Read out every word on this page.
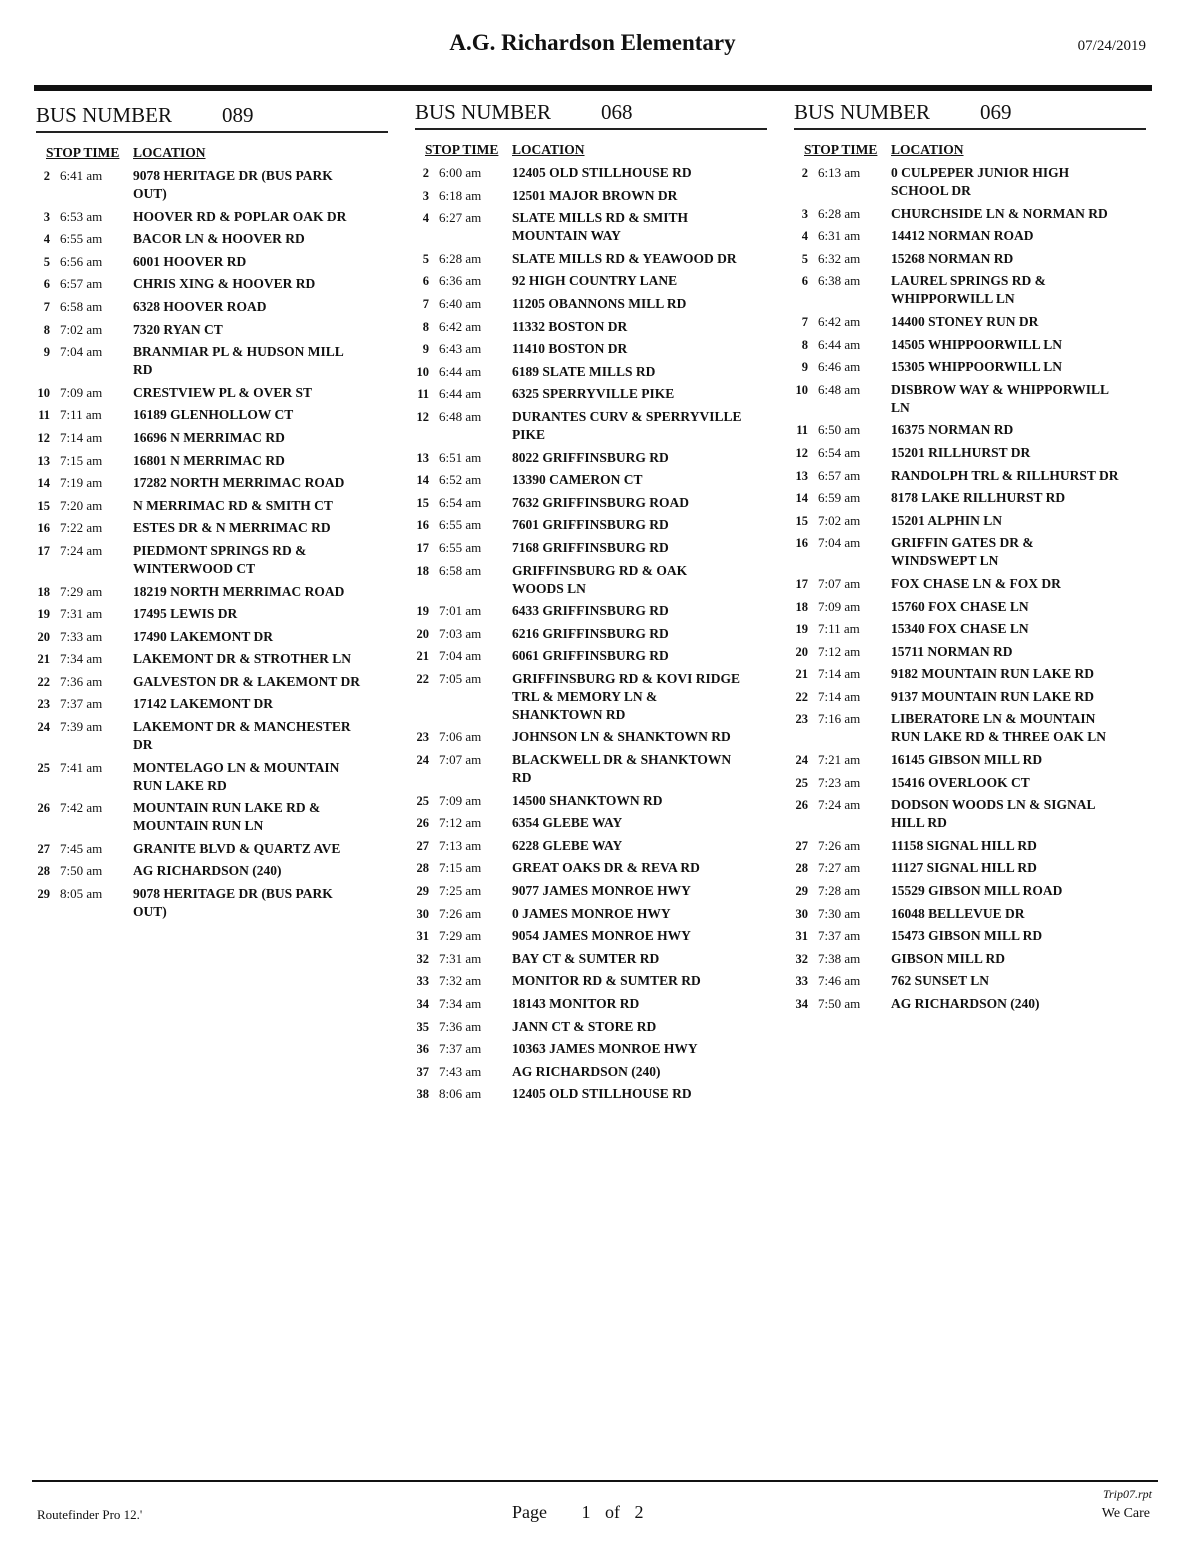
A.G. Richardson Elementary	07/24/2019
BUS NUMBER 089
STOP TIME LOCATION
2 6:41 am	9078 HERITAGE DR (BUS PARK OUT)
3 6:53 am	HOOVER RD & POPLAR OAK DR
4 6:55 am	BACOR LN & HOOVER RD
5 6:56 am	6001 HOOVER RD
6 6:57 am	CHRIS XING & HOOVER RD
7 6:58 am	6328 HOOVER ROAD
8 7:02 am	7320 RYAN CT
9 7:04 am	BRANMIAR PL & HUDSON MILL RD
10 7:09 am	CRESTVIEW PL & OVER ST
11 7:11 am	16189 GLENHOLLOW CT
12 7:14 am	16696 N MERRIMAC RD
13 7:15 am	16801 N MERRIMAC RD
14 7:19 am	17282 NORTH MERRIMAC ROAD
15 7:20 am	N MERRIMAC RD & SMITH CT
16 7:22 am	ESTES DR & N MERRIMAC RD
17 7:24 am	PIEDMONT SPRINGS RD & WINTERWOOD CT
18 7:29 am	18219 NORTH MERRIMAC ROAD
19 7:31 am	17495 LEWIS DR
20 7:33 am	17490 LAKEMONT DR
21 7:34 am	LAKEMONT DR & STROTHER LN
22 7:36 am	GALVESTON DR & LAKEMONT DR
23 7:37 am	17142 LAKEMONT DR
24 7:39 am	LAKEMONT DR & MANCHESTER DR
25 7:41 am	MONTELAGO LN & MOUNTAIN RUN LAKE RD
26 7:42 am	MOUNTAIN RUN LAKE RD & MOUNTAIN RUN LN
27 7:45 am	GRANITE BLVD & QUARTZ AVE
28 7:50 am	AG RICHARDSON (240)
29 8:05 am	9078 HERITAGE DR (BUS PARK OUT)
BUS NUMBER 068
STOP TIME LOCATION
2 6:00 am	12405 OLD STILLHOUSE RD
3 6:18 am	12501 MAJOR BROWN DR
4 6:27 am	SLATE MILLS RD & SMITH MOUNTAIN WAY
5 6:28 am	SLATE MILLS RD & YEAWOOD DR
6 6:36 am	92 HIGH COUNTRY LANE
7 6:40 am	11205 OBANNONS MILL RD
8 6:42 am	11332 BOSTON DR
9 6:43 am	11410 BOSTON DR
10 6:44 am	6189 SLATE MILLS RD
11 6:44 am	6325 SPERRYVILLE PIKE
12 6:48 am	DURANTES CURV & SPERRYVILLE PIKE
13 6:51 am	8022 GRIFFINSBURG RD
14 6:52 am	13390 CAMERON CT
15 6:54 am	7632 GRIFFINSBURG ROAD
16 6:55 am	7601 GRIFFINSBURG RD
17 6:55 am	7168 GRIFFINSBURG RD
18 6:58 am	GRIFFINSBURG RD & OAK WOODS LN
19 7:01 am	6433 GRIFFINSBURG RD
20 7:03 am	6216 GRIFFINSBURG RD
21 7:04 am	6061 GRIFFINSBURG RD
22 7:05 am	GRIFFINSBURG RD & KOVI RIDGE TRL & MEMORY LN & SHANKTOWN RD
23 7:06 am	JOHNSON LN & SHANKTOWN RD
24 7:07 am	BLACKWELL DR & SHANKTOWN RD
25 7:09 am	14500 SHANKTOWN RD
26 7:12 am	6354 GLEBE WAY
27 7:13 am	6228 GLEBE WAY
28 7:15 am	GREAT OAKS DR & REVA RD
29 7:25 am	9077 JAMES MONROE HWY
30 7:26 am	0 JAMES MONROE HWY
31 7:29 am	9054 JAMES MONROE HWY
32 7:31 am	BAY CT & SUMTER RD
33 7:32 am	MONITOR RD & SUMTER RD
34 7:34 am	18143 MONITOR RD
35 7:36 am	JANN CT & STORE RD
36 7:37 am	10363 JAMES MONROE HWY
37 7:43 am	AG RICHARDSON (240)
38 8:06 am	12405 OLD STILLHOUSE RD
BUS NUMBER 069
STOP TIME LOCATION
2 6:13 am	0 CULPEPER JUNIOR HIGH SCHOOL DR
3 6:28 am	CHURCHSIDE LN & NORMAN RD
4 6:31 am	14412 NORMAN ROAD
5 6:32 am	15268 NORMAN RD
6 6:38 am	LAUREL SPRINGS RD & WHIPPORWILL LN
7 6:42 am	14400 STONEY RUN DR
8 6:44 am	14505 WHIPPOORWILL LN
9 6:46 am	15305 WHIPPOORWILL LN
10 6:48 am	DISBROW WAY & WHIPPORWILL LN
11 6:50 am	16375 NORMAN RD
12 6:54 am	15201 RILLHURST DR
13 6:57 am	RANDOLPH TRL & RILLHURST DR
14 6:59 am	8178 LAKE RILLHURST RD
15 7:02 am	15201 ALPHIN LN
16 7:04 am	GRIFFIN GATES DR & WINDSWEPT LN
17 7:07 am	FOX CHASE LN & FOX DR
18 7:09 am	15760 FOX CHASE LN
19 7:11 am	15340 FOX CHASE LN
20 7:12 am	15711 NORMAN RD
21 7:14 am	9182 MOUNTAIN RUN LAKE RD
22 7:14 am	9137 MOUNTAIN RUN LAKE RD
23 7:16 am	LIBERATORE LN & MOUNTAIN RUN LAKE RD & THREE OAK LN
24 7:21 am	16145 GIBSON MILL RD
25 7:23 am	15416 OVERLOOK CT
26 7:24 am	DODSON WOODS LN & SIGNAL HILL RD
27 7:26 am	11158 SIGNAL HILL RD
28 7:27 am	11127 SIGNAL HILL RD
29 7:28 am	15529 GIBSON MILL ROAD
30 7:30 am	16048 BELLEVUE DR
31 7:37 am	15473 GIBSON MILL RD
32 7:38 am	GIBSON MILL RD
33 7:46 am	762 SUNSET LN
34 7:50 am	AG RICHARDSON (240)
Routefinder Pro 12.'	Page 1 of 2
Trip07.rpt
We Care
